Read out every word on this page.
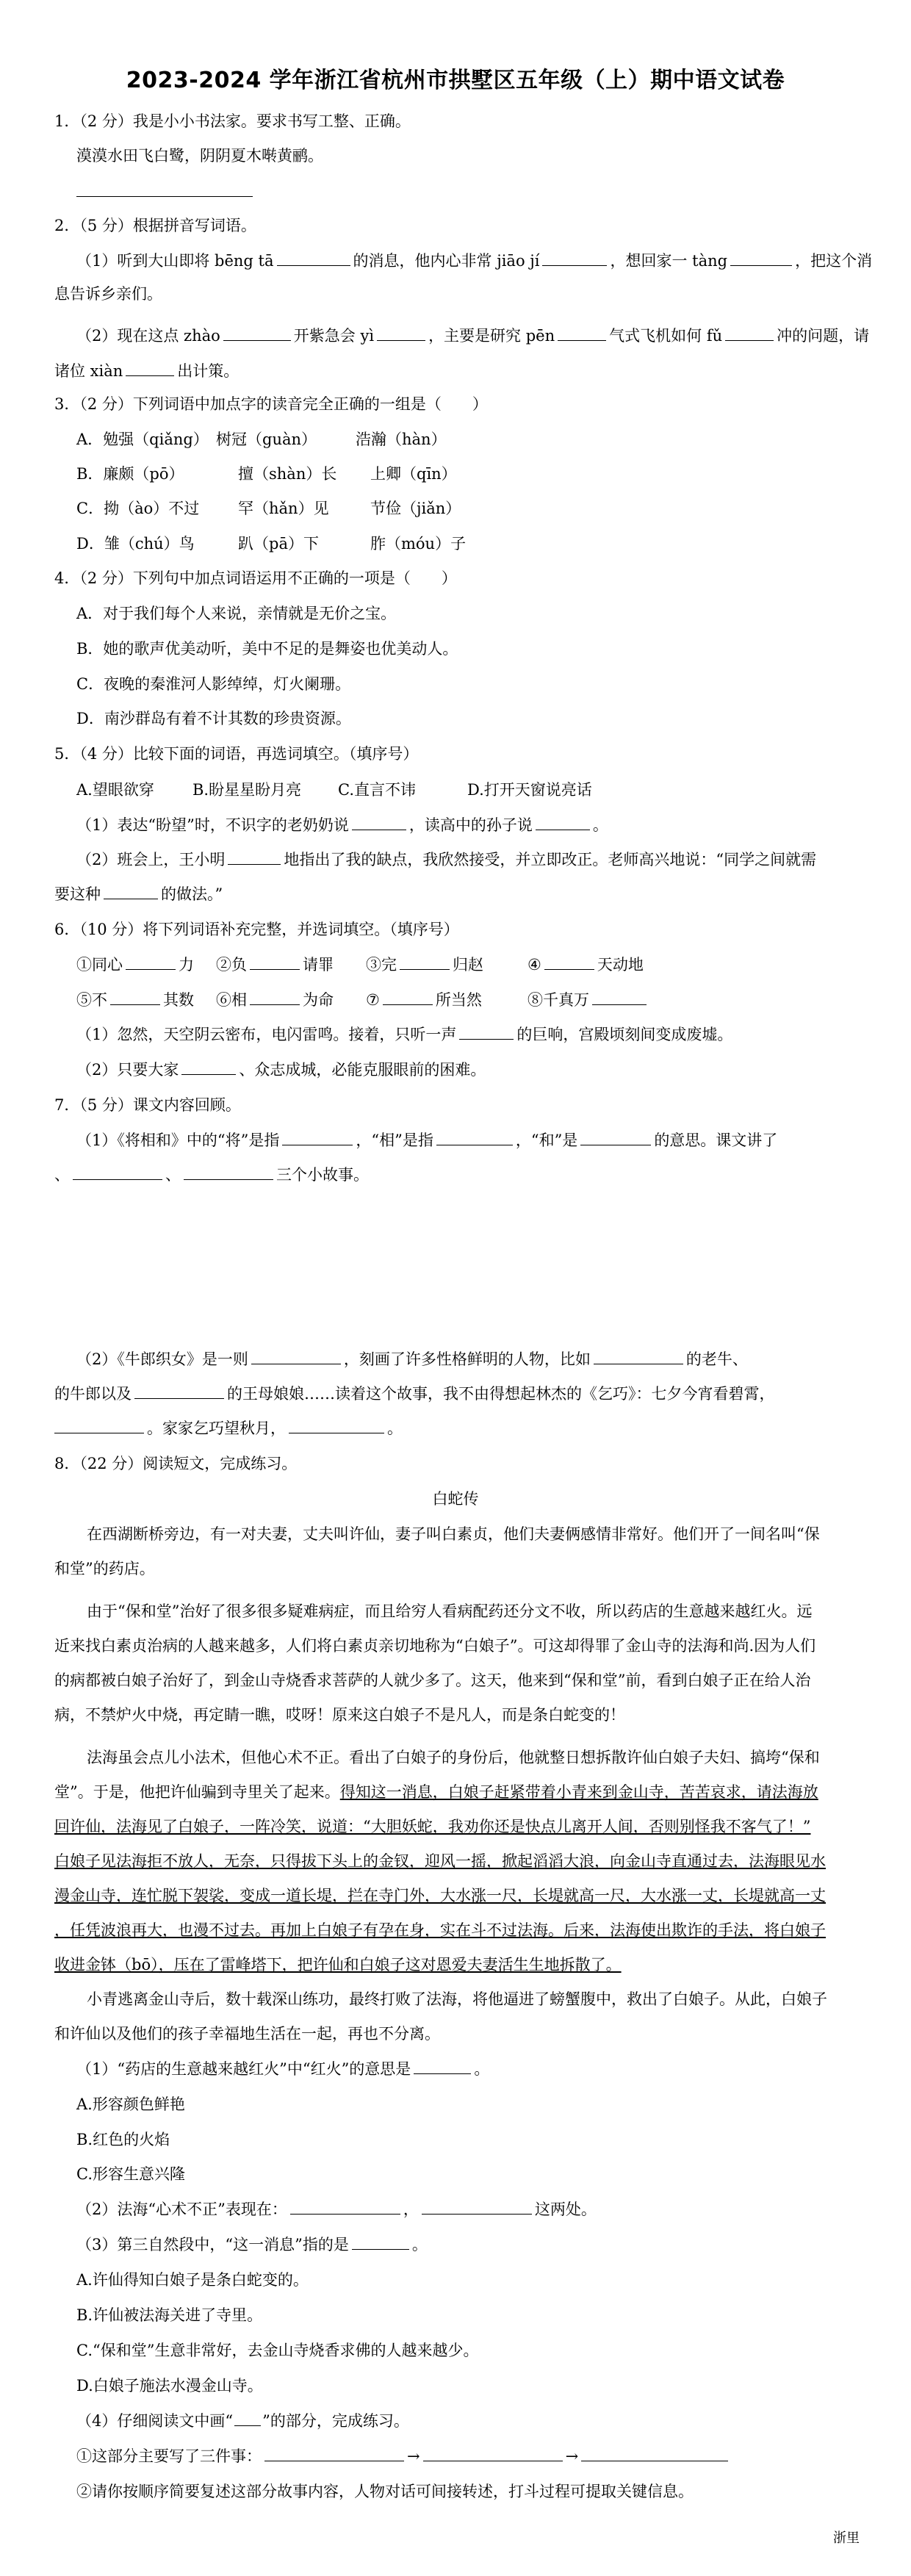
2023-2024 学年浙江省杭州市拱墅区五年级（上）期中语文试卷
1．（2 分）我是小小书法家。要求书写工整、正确。
漠漠水田飞白鹭，阴阴夏木啭黄鹂。
2．（5 分）根据拼音写词语。
（1）听到大山即将 bēng tā	的消息，他内心非常 jiāo jí	，想回家一 tàng	，把这个消
息告诉乡亲们。
（2）现在这点 zhào	开紫急会 yì	，主要是研究 pēn	气式飞机如何 fǔ	冲的问题，请
诸位 xiàn	出计策。
3．（2 分）下列词语中加点字的读音完全正确的一组是（　　）
A．勉强（qiǎng） 树冠（guàn）	浩瀚（hàn）
B．廉颇（pō）	擅（shàn）长 上卿（qīn）
C．拗（ào）不过	罕（hǎn）见	节俭（jiǎn）
D．雏（chú）鸟	趴（pā）下	胙（móu）子
4．（2 分）下列句中加点词语运用不正确的一项是（　　）
A．对于我们每个人来说，亲情就是无价之宝。
B．她的歌声优美动听，美中不足的是舞姿也优美动人。
C．夜晚的秦淮河人影绰绰，灯火阑珊。
D．南沙群岛有着不计其数的珍贵资源。
5．（4 分）比较下面的词语，再选词填空。（填序号）
A.望眼欲穿 B.盼星星盼月亮 C.直言不讳	D.打开天窗说亮话
（1）表达“盼望”时，不识字的老奶奶说	，读高中的孙子说	。
（2）班会上，王小明	地指出了我的缺点，我欣然接受，并立即改正。老师高兴地说：“同学之间就需
要这种	的做法。”
6．（10 分）将下列词语补充完整，并选词填空。（填序号）
①同心	力 ②负	请罪 ③完	归赵	④	天动地
⑤不	其数 ⑥相	为命 ⑦	所当然	⑧千真万
（1）忽然，天空阴云密布，电闪雷鸣。接着，只听一声	的巨响，宫殿顷刻间变成废墟。
（2）只要大家	、众志成城，必能克服眼前的困难。
7．（5 分）课文内容回顾。
（1）《将相和》中的“将”是指	，“相”是指	，“和”是	的意思。课文讲了
、	、	三个小故事。
（2）《牛郎织女》是一则	，刻画了许多性格鲜明的人物，比如	的老牛、
的牛郎以及	的王母娘娘……读着这个故事，我不由得想起林杰的《乞巧》：七夕今宵看碧霄，
。家家乞巧望秋月，	。
8．（22 分）阅读短文，完成练习。
白蛇传
在西湖断桥旁边，有一对夫妻，丈夫叫许仙，妻子叫白素贞，他们夫妻俩感情非常好。他们开了一间名叫“保
和堂”的药店。
由于“保和堂”治好了很多很多疑难病症，而且给穷人看病配药还分文不收，所以药店的生意越来越红火。远
近来找白素贞治病的人越来越多，人们将白素贞亲切地称为“白娘子”。可这却得罪了金山寺的法海和尚.因为人们
的病都被白娘子治好了，到金山寺烧香求菩萨的人就少多了。这天，他来到“保和堂”前，看到白娘子正在给人治
病，不禁炉火中烧，再定睛一瞧，哎呀！原来这白娘子不是凡人，而是条白蛇变的！
法海虽会点儿小法术，但他心术不正。看出了白娘子的身份后，他就整日想拆散许仙白娘子夫妇、搞垮“保和
堂”。于是，他把许仙骗到寺里关了起来。得知这一消息，白娘子赶紧带着小青来到金山寺，苦苦哀求，请法海放
回许仙，法海见了白娘子，一阵冷笑，说道：“大胆妖蛇，我劝你还是快点儿离开人间，否则别怪我不客气了！”
白娘子见法海拒不放人，无奈，只得拔下头上的金钗，迎风一摇，掀起滔滔大浪，向金山寺直通过去，法海眼见水
漫金山寺，连忙脱下袈裟，变成一道长堤，拦在寺门外，大水涨一尺，长堤就高一尺，大水涨一丈，长堤就高一丈
，任凭波浪再大，也漫不过去。再加上白娘子有孕在身，实在斗不过法海。后来，法海使出欺诈的手法，将白娘子
收进金钵（bō），压在了雷峰塔下，把许仙和白娘子这对恩爱夫妻活生生地拆散了。
小青逃离金山寺后，数十载深山练功，最终打败了法海，将他逼进了螃蟹腹中，救出了白娘子。从此，白娘子
和许仙以及他们的孩子幸福地生活在一起，再也不分离。
（1）“药店的生意越来越红火”中“红火”的意思是	。
A.形容颜色鲜艳
B.红色的火焰
C.形容生意兴隆
（2）法海“心术不正”表现在：	，	这两处。
（3）第三自然段中，“这一消息”指的是	。
A.许仙得知白娘子是条白蛇变的。
B.许仙被法海关进了寺里。
C.“保和堂”生意非常好，去金山寺烧香求佛的人越来越少。
D.白娘子施法水漫金山寺。
（4）仔细阅读文中画“ ”的部分，完成练习。
①这部分主要写了三件事：	→	→
②请你按顺序简要复述这部分故事内容，人物对话可间接转述，打斗过程可提取关键信息。
浙里
